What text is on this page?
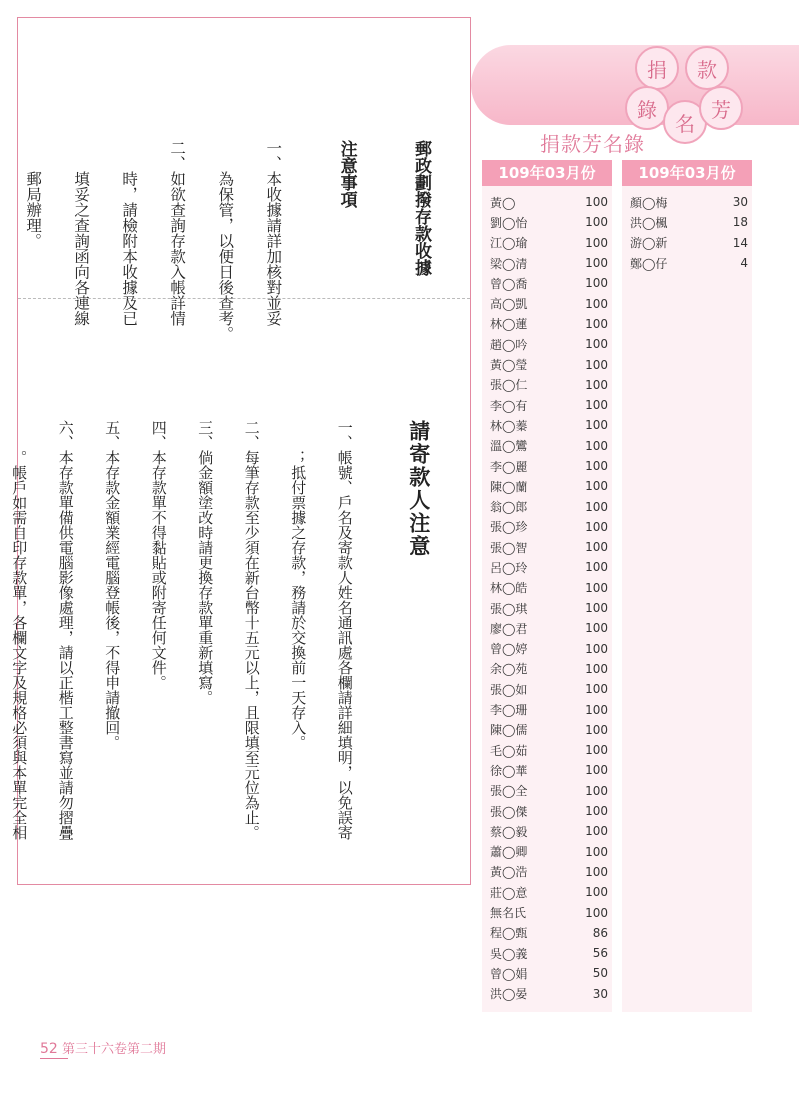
郵政劃撥存款收據

注意事項

一、本收據請詳加核對並妥

　　為保管，以便日後查考。

二、如欲查詢存款入帳詳情

　　時，請檢附本收據及已

　　填妥之查詢函向各連線

　　郵局辦理。

請寄款人注意

一、帳號、戶名及寄款人姓名通訊處各欄請詳細填明，以免誤寄

　　；抵付票據之存款，務請於交換前一天存入。

二、每筆存款至少須在新台幣十五元以上，且限填至元位為止。

三、倘金額塗改時請更換存款單重新填寫。

四、本存款單不得黏貼或附寄任何文件。

五、本存款金額業經電腦登帳後，不得申請撤回。

六、本存款單備供電腦影像處理，請以正楷工整書寫並請勿摺疊

　　。帳戶如需自印存款單，各欄文字及規格必須與本單完全相

捐	款
錄
名
芳
捐款芳名錄
109年03月份
黃◯	100
劉◯怡	100
江◯瑜	100
梁◯清	100
曾◯喬	100
高◯凱	100
林◯蓮	100
趙◯吟	100
黃◯瑩	100
張◯仁	100
李◯有	100
林◯蓁	100
溫◯鸞	100
李◯麗	100
陳◯蘭	100
翁◯郎	100
張◯珍	100
張◯智	100
呂◯玲	100
林◯皓	100
張◯琪	100
廖◯君	100
曾◯婷	100
余◯苑	100
張◯如	100
李◯珊	100
陳◯儒	100
毛◯茹	100
徐◯華	100
張◯全	100
張◯傑	100
蔡◯毅	100
蕭◯卿	100
黃◯浩	100
莊◯意	100
無名氏	100
程◯甄	86
吳◯義	56
曾◯娟	50
洪◯晏	30
109年03月份
顏◯梅	30
洪◯楓	18
游◯新	14
鄭◯仔	4
52 第三十六卷第二期
